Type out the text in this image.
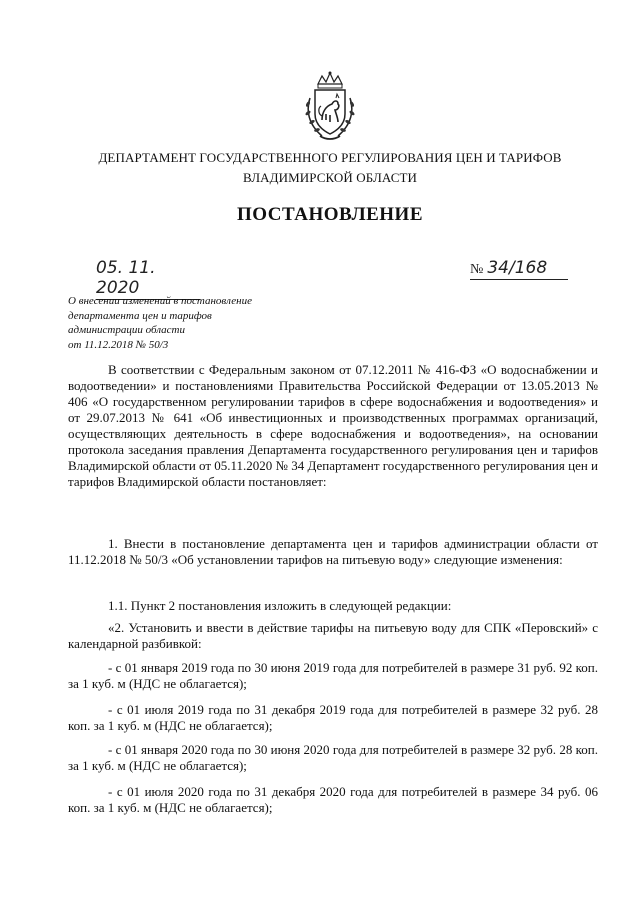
ДЕПАРТАМЕНТ ГОСУДАРСТВЕННОГО РЕГУЛИРОВАНИЯ ЦЕН И ТАРИФОВ
ВЛАДИМИРСКОЙ ОБЛАСТИ
ПОСТАНОВЛЕНИЕ
05. 11. 2020
№ 34/168
О внесении изменений в постановление
департамента цен и тарифов
администрации области
от 11.12.2018 № 50/3
В соответствии с Федеральным законом от 07.12.2011 № 416-ФЗ «О водоснабжении и водоотведении» и постановлениями Правительства Российской Федерации от 13.05.2013 № 406 «О государственном регулировании тарифов в сфере водоснабжения и водоотведения» и от 29.07.2013 № 641 «Об инвестиционных и производственных программах организаций, осуществляющих деятельность в сфере водоснабжения и водоотведения», на основании протокола заседания правления Департамента государственного регулирования цен и тарифов Владимирской области от 05.11.2020 № 34 Департамент государственного регулирования цен и тарифов Владимирской области постановляет:
1. Внести в постановление департамента цен и тарифов администрации области от 11.12.2018 № 50/3 «Об установлении тарифов на питьевую воду» следующие изменения:
1.1. Пункт 2 постановления изложить в следующей редакции:
«2. Установить и ввести в действие тарифы на питьевую воду для СПК «Перовский» с календарной разбивкой:
- с 01 января 2019 года по 30 июня 2019 года для потребителей в размере 31 руб. 92 коп. за 1 куб. м (НДС не облагается);
- с 01 июля 2019 года по 31 декабря 2019 года для потребителей в размере 32 руб. 28 коп. за 1 куб. м (НДС не облагается);
- с 01 января 2020 года по 30 июня 2020 года для потребителей в размере 32 руб. 28 коп. за 1 куб. м (НДС не облагается);
- с 01 июля 2020 года по 31 декабря 2020 года для потребителей в размере 34 руб. 06 коп. за 1 куб. м (НДС не облагается);
